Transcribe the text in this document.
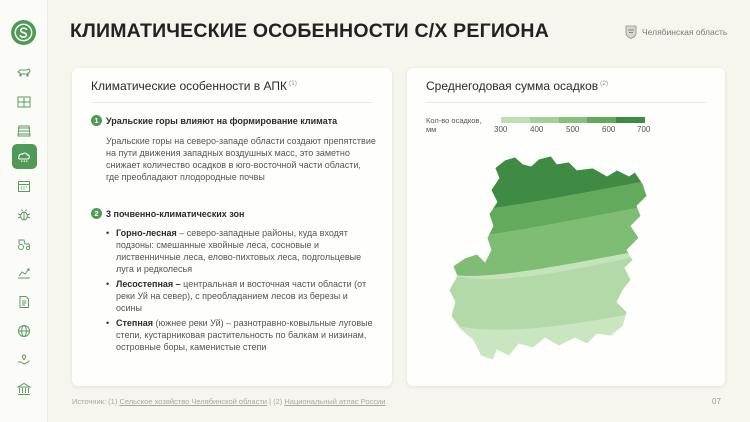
КЛИМАТИЧЕСКИЕ ОСОБЕННОСТИ С/Х РЕГИОНА	Челябинская область
Климатические особенности в АПК $^{(1)}$
1 Уральские горы влияют на формирование климата
Уральские горы на северо-западе области создают препятствие на пути движения западных воздушных масс, это заметно снижает количество осадков в юго-восточной части области, где преобладают плодородные почвы
2 3 почвенно-климатических зон
• Горно-лесная – северо-западные районы, куда входят подзоны: смешанные хвойные леса, сосновые и лиственничные леса, елово-пихтовых леса, подгольцевые луга и редколесья
• Лесостепная – центральная и восточная части области (от реки Уй на север), с преобладанием лесов из березы и осины
• Степная (южнее реки Уй) – разнотравно-ковыльные луговые степи, кустарниковая растительность по балкам и низинам, островные боры, каменистые степи
Среднегодовая сумма осадков $^{(2)}$
Кол-во осадков, мм	300	400	500	600	700
Источник: (1) Сельское хозяйство Челябинской области | (2) Национальный атлас России	07
